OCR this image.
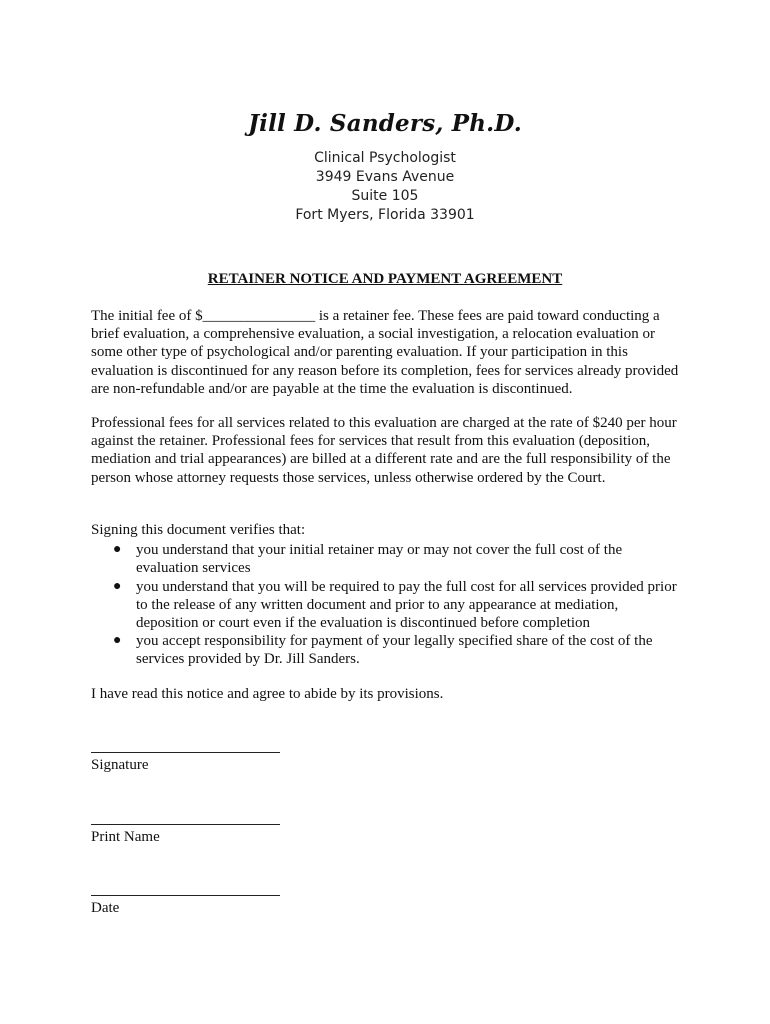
Jill D. Sanders, Ph.D.
Clinical Psychologist
3949 Evans Avenue
Suite 105
Fort Myers, Florida 33901
RETAINER NOTICE AND PAYMENT AGREEMENT

The initial fee of $_______________ is a retainer fee. These fees are paid toward conducting a brief evaluation, a comprehensive evaluation, a social investigation, a relocation evaluation or some other type of psychological and/or parenting evaluation. If your participation in this evaluation is discontinued for any reason before its completion, fees for services already provided are non-refundable and/or are payable at the time the evaluation is discontinued.

Professional fees for all services related to this evaluation are charged at the rate of $240 per hour against the retainer. Professional fees for services that result from this evaluation (deposition, mediation and trial appearances) are billed at a different rate and are the full responsibility of the person whose attorney requests those services, unless otherwise ordered by the Court.

Signing this document verifies that:

● you understand that your initial retainer may or may not cover the full cost of the evaluation services
● you understand that you will be required to pay the full cost for all services provided prior to the release of any written document and prior to any appearance at mediation, deposition or court even if the evaluation is discontinued before completion
● you accept responsibility for payment of your legally specified share of the cost of the services provided by Dr. Jill Sanders.

I have read this notice and agree to abide by its provisions.

Signature
Print Name
Date
